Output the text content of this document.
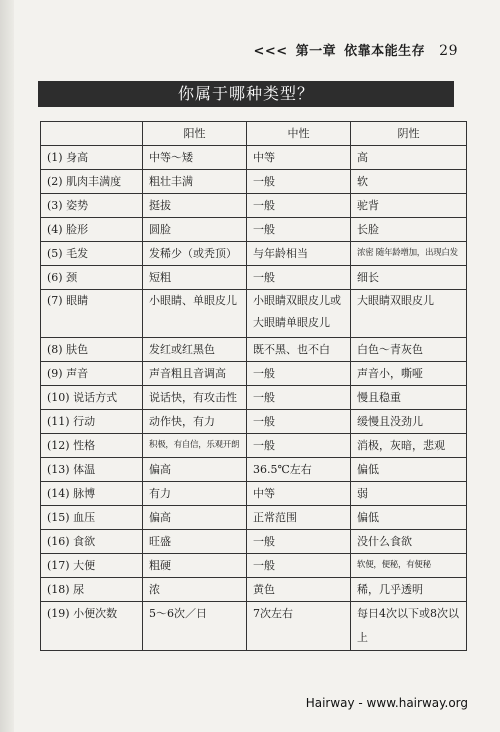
<<< 第一章 依靠本能生存 29
你属于哪种类型？
	阳性	中性	阴性
(1) 身高	中等～矮	中等	高
(2) 肌肉丰满度	粗壮丰满	一般	软
(3) 姿势	挺拔	一般	驼背
(4) 脸形	圆脸	一般	长脸
(5) 毛发	发稀少（或秃顶）	与年龄相当	浓密 随年龄增加，出现白发
(6) 颈	短粗	一般	细长
(7) 眼睛	小眼睛、单眼皮儿	小眼睛双眼皮儿或大眼睛单眼皮儿	大眼睛双眼皮儿
(8) 肤色	发红或红黑色	既不黑、也不白	白色～青灰色
(9) 声音	声音粗且音调高	一般	声音小，嘶哑
(10) 说话方式	说话快，有攻击性	一般	慢且稳重
(11) 行动	动作快，有力	一般	缓慢且没劲儿
(12) 性格	积极，有自信，乐观开朗	一般	消极，灰暗，悲观
(13) 体温	偏高	36.5℃左右	偏低
(14) 脉博	有力	中等	弱
(15) 血压	偏高	正常范围	偏低
(16) 食欲	旺盛	一般	没什么食欲
(17) 大便	粗硬	一般	软便，便秘，有便秘
(18) 尿	浓	黄色	稀，几乎透明
(19) 小便次数	5～6次／日	7次左右	每日4次以下或8次以上
Hairway - www.hairway.org
